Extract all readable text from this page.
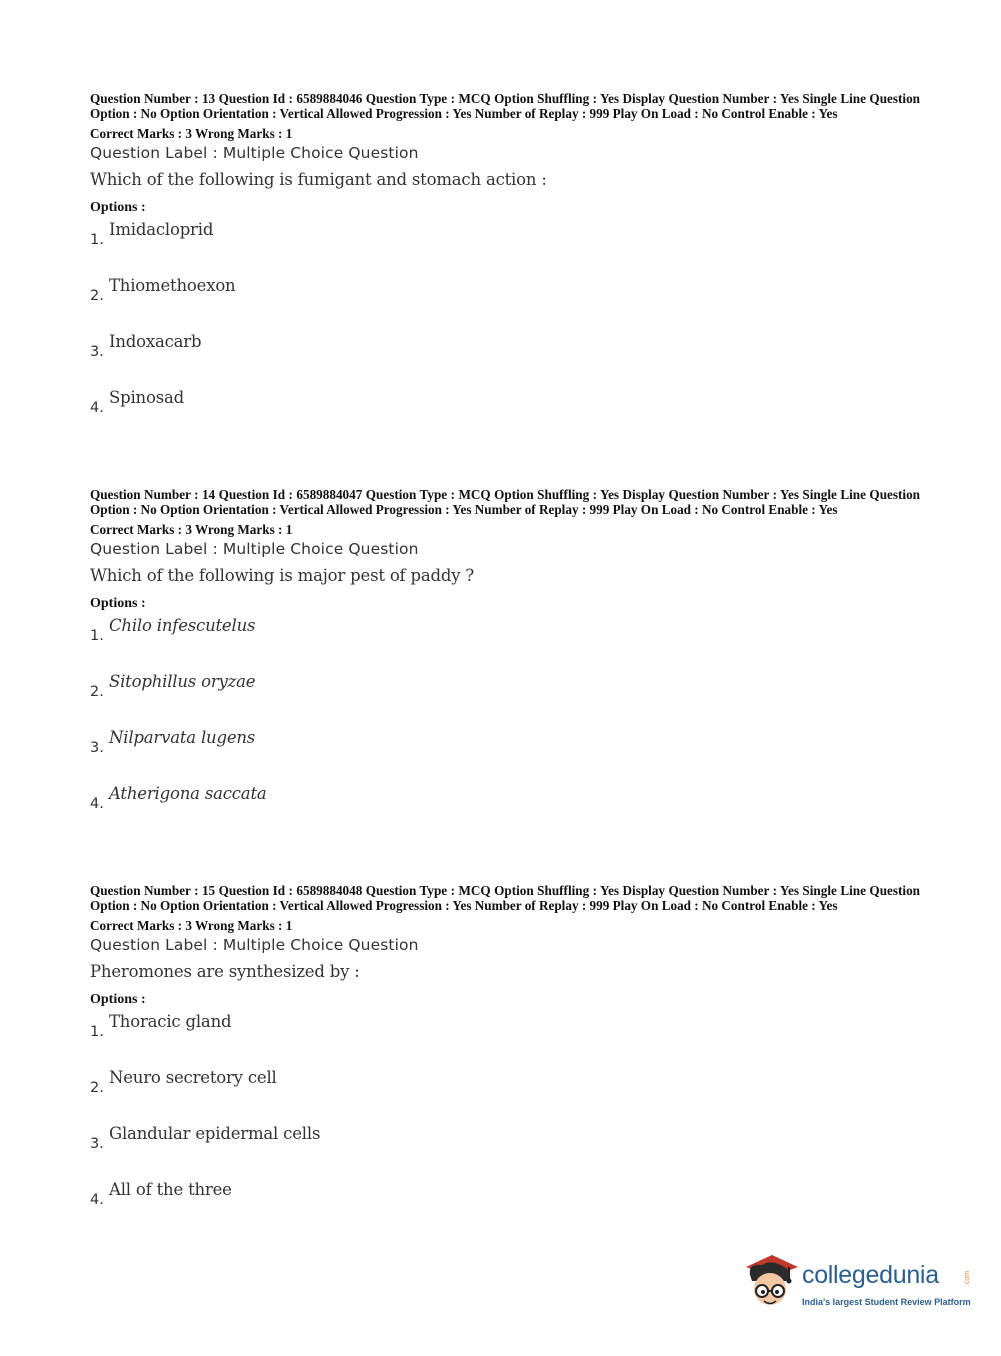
Question Number : 13 Question Id : 6589884046 Question Type : MCQ Option Shuffling : Yes Display Question Number : Yes Single Line Question Option : No Option Orientation : Vertical Allowed Progression : Yes Number of Replay : 999 Play On Load : No Control Enable : Yes
Correct Marks : 3 Wrong Marks : 1
Question Label : Multiple Choice Question
Which of the following is fumigant and stomach action :
Options :
1.
Imidacloprid
2.
Thiomethoexon
3.
Indoxacarb
4.
Spinosad
Question Number : 14 Question Id : 6589884047 Question Type : MCQ Option Shuffling : Yes Display Question Number : Yes Single Line Question Option : No Option Orientation : Vertical Allowed Progression : Yes Number of Replay : 999 Play On Load : No Control Enable : Yes
Correct Marks : 3 Wrong Marks : 1
Question Label : Multiple Choice Question
Which of the following is major pest of paddy ?
Options :
1.
Chilo infescutelus
2.
Sitophillus oryzae
3.
Nilparvata lugens
4.
Atherigona saccata
Question Number : 15 Question Id : 6589884048 Question Type : MCQ Option Shuffling : Yes Display Question Number : Yes Single Line Question Option : No Option Orientation : Vertical Allowed Progression : Yes Number of Replay : 999 Play On Load : No Control Enable : Yes
Correct Marks : 3 Wrong Marks : 1
Question Label : Multiple Choice Question
Pheromones are synthesized by :
Options :
1.
Thoracic gland
2.
Neuro secretory cell
3.
Glandular epidermal cells
4.
All of the three
collegedunia	.com
India's largest Student Review Platform
